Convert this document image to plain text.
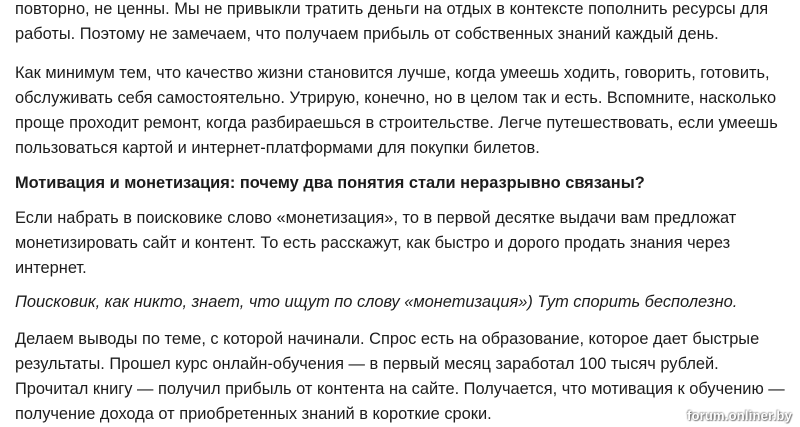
повторно, не ценны. Мы не привыкли тратить деньги на отдых в контексте пополнить ресурсы для работы. Поэтому не замечаем, что получаем прибыль от собственных знаний каждый день.

Как минимум тем, что качество жизни становится лучше, когда умеешь ходить, говорить, готовить, обслуживать себя самостоятельно. Утрирую, конечно, но в целом так и есть. Вспомните, насколько проще проходит ремонт, когда разбираешься в строительстве. Легче путешествовать, если умеешь пользоваться картой и интернет-платформами для покупки билетов.

Мотивация и монетизация: почему два понятия стали неразрывно связаны?

Если набрать в поисковике слово «монетизация», то в первой десятке выдачи вам предложат монетизировать сайт и контент. То есть расскажут, как быстро и дорого продать знания через интернет.

Поисковик, как никто, знает, что ищут по слову «монетизация») Тут спорить бесполезно.

Делаем выводы по теме, с которой начинали. Спрос есть на образование, которое дает быстрые результаты. Прошел курс онлайн-обучения — в первый месяц заработал 100 тысяч рублей. Прочитал книгу — получил прибыль от контента на сайте. Получается, что мотивация к обучению — получение дохода от приобретенных знаний в короткие сроки.	forum.onliner.by
